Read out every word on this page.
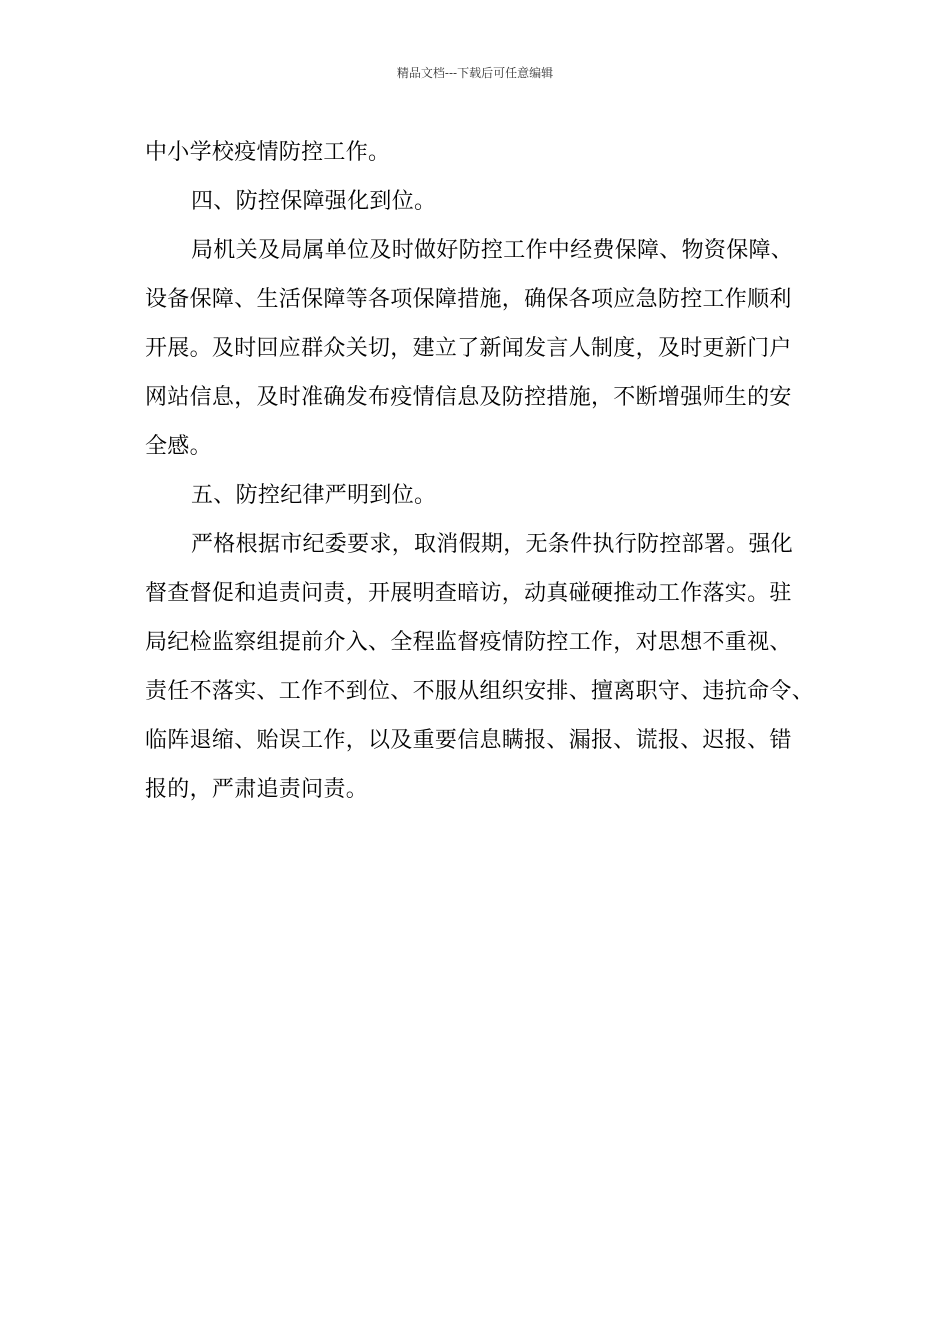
精品文档---下载后可任意编辑
中小学校疫情防控工作。
四、防控保障强化到位。
局机关及局属单位及时做好防控工作中经费保障、物资保障、
设备保障、生活保障等各项保障措施，确保各项应急防控工作顺利
开展。及时回应群众关切，建立了新闻发言人制度，及时更新门户
网站信息，及时准确发布疫情信息及防控措施，不断增强师生的安
全感。
五、防控纪律严明到位。
严格根据市纪委要求，取消假期，无条件执行防控部署。强化
督查督促和追责问责，开展明查暗访，动真碰硬推动工作落实。驻
局纪检监察组提前介入、全程监督疫情防控工作，对思想不重视、
责任不落实、工作不到位、不服从组织安排、擅离职守、违抗命令、
临阵退缩、贻误工作，以及重要信息瞒报、漏报、谎报、迟报、错
报的，严肃追责问责。
